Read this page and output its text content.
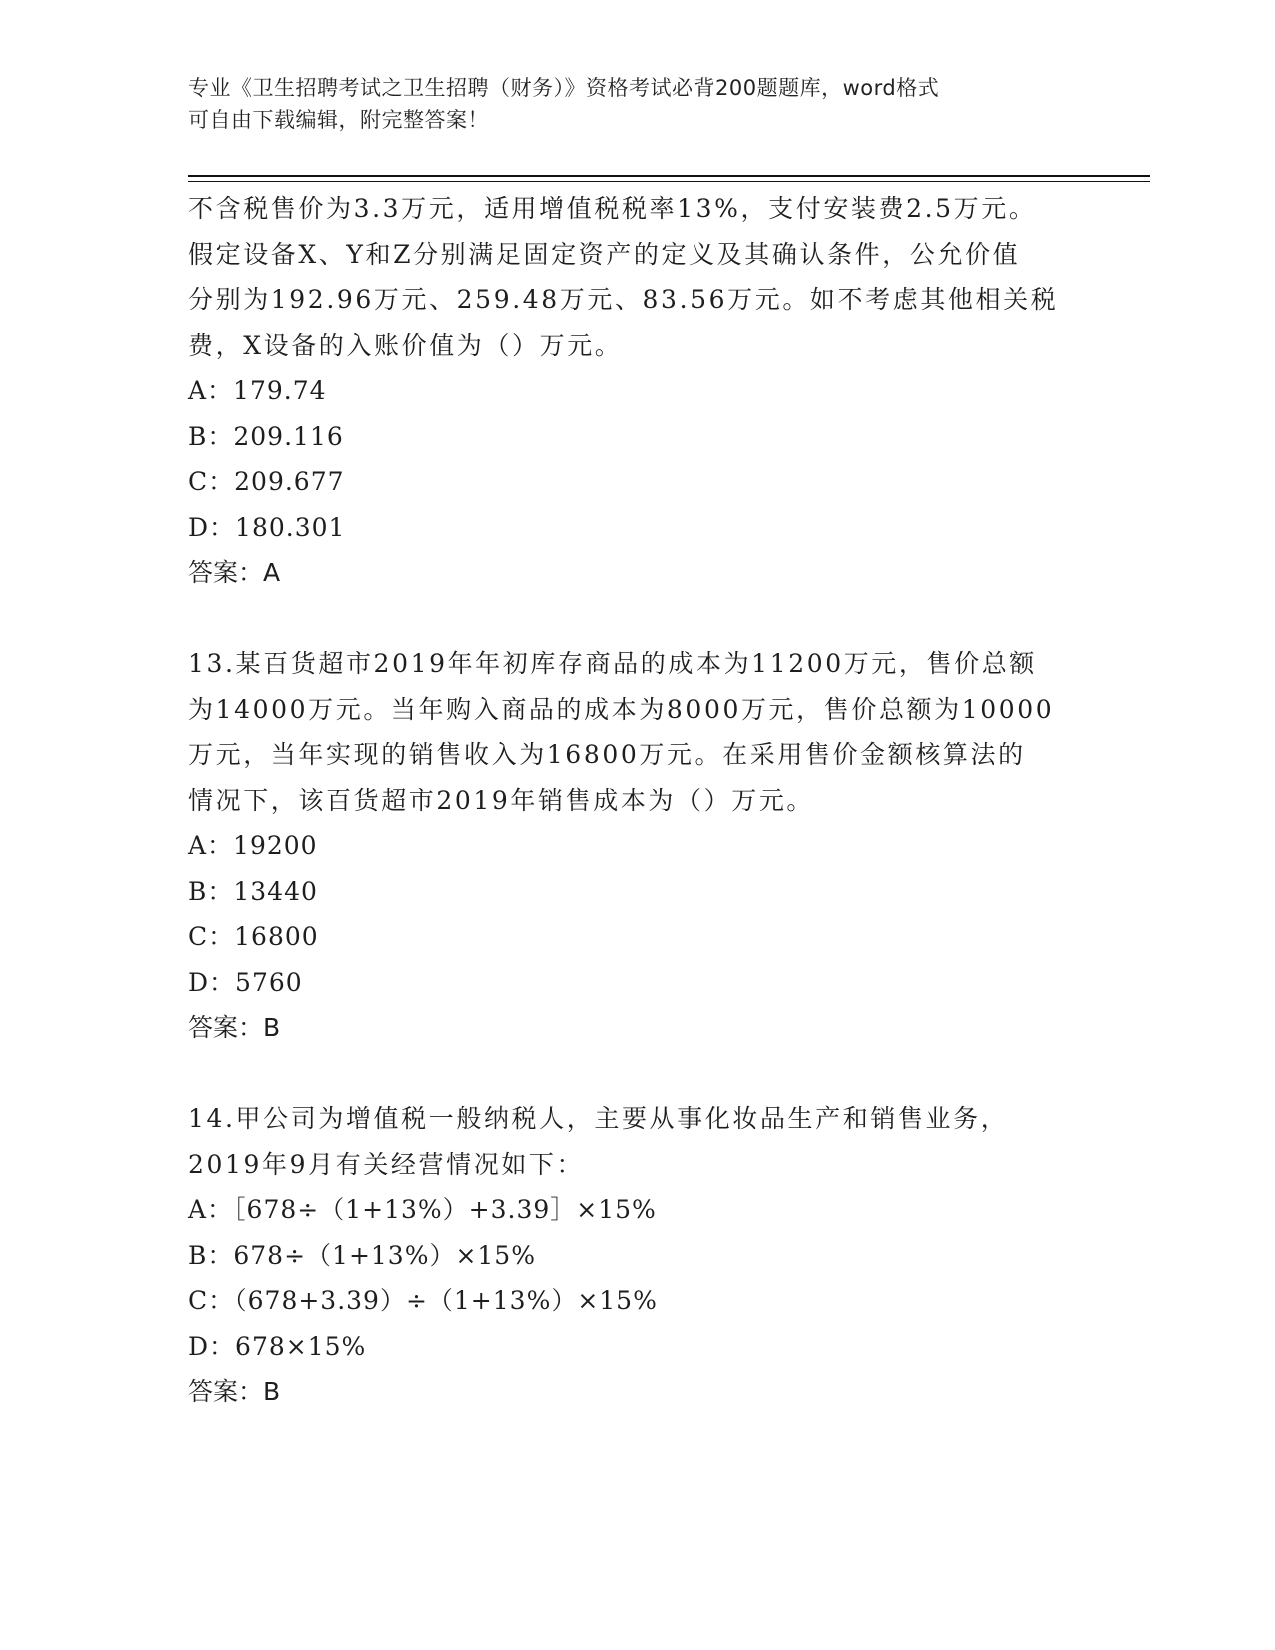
专业《卫生招聘考试之卫生招聘（财务）》资格考试必背200题题库，word格式
可自由下载编辑，附完整答案！
不含税售价为3.3万元，适用增值税税率13%，支付安装费2.5万元。
假定设备X、Y和Z分别满足固定资产的定义及其确认条件，公允价值
分别为192.96万元、259.48万元、83.56万元。如不考虑其他相关税
费，X设备的入账价值为（）万元。
A：179.74
B：209.116
C：209.677
D：180.301
答案：A
13.某百货超市2019年年初库存商品的成本为11200万元，售价总额
为14000万元。当年购入商品的成本为8000万元，售价总额为10000
万元，当年实现的销售收入为16800万元。在采用售价金额核算法的
情况下，该百货超市2019年销售成本为（）万元。
A：19200
B：13440
C：16800
D：5760
答案：B
14.甲公司为增值税一般纳税人，主要从事化妆品生产和销售业务，
2019年9月有关经营情况如下：
A：［678÷（1+13%）+3.39］×15%
B：678÷（1+13%）×15%
C：（678+3.39）÷（1+13%）×15%
D：678×15%
答案：B
